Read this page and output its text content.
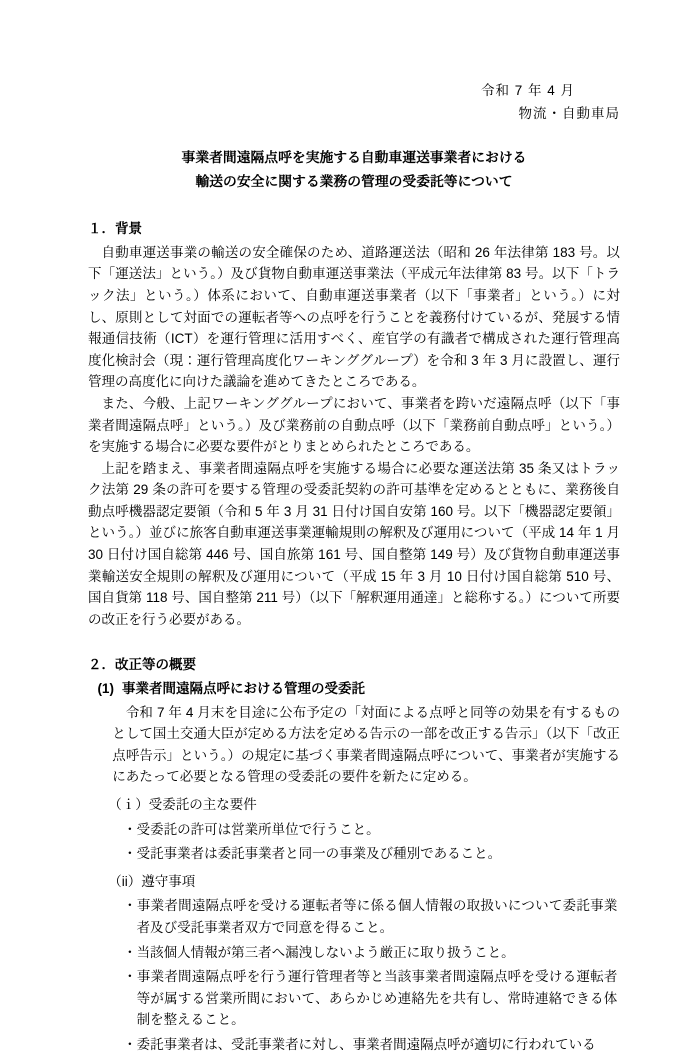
令和 7 年 4 月
物流・自動車局
事業者間遠隔点呼を実施する自動車運送事業者における
輸送の安全に関する業務の管理の受委託等について
１．背景

自動車運送事業の輸送の安全確保のため、道路運送法（昭和 26 年法律第 183 号。以下「運送法」という。）及び貨物自動車運送事業法（平成元年法律第 83 号。以下「トラック法」という。）体系において、自動車運送事業者（以下「事業者」という。）に対し、原則として対面での運転者等への点呼を行うことを義務付けているが、発展する情報通信技術（ICT）を運行管理に活用すべく、産官学の有識者で構成された運行管理高度化検討会（現：運行管理高度化ワーキンググループ）を令和 3 年 3 月に設置し、運行管理の高度化に向けた議論を進めてきたところである。

また、今般、上記ワーキンググループにおいて、事業者を跨いだ遠隔点呼（以下「事業者間遠隔点呼」という。）及び業務前の自動点呼（以下「業務前自動点呼」という。）を実施する場合に必要な要件がとりまとめられたところである。

上記を踏まえ、事業者間遠隔点呼を実施する場合に必要な運送法第 35 条又はトラック法第 29 条の許可を要する管理の受委託契約の許可基準を定めるとともに、業務後自動点呼機器認定要領（令和 5 年 3 月 31 日付け国自安第 160 号。以下「機器認定要領」という。）並びに旅客自動車運送事業運輸規則の解釈及び運用について（平成 14 年 1 月 30 日付け国自総第 446 号、国自旅第 161 号、国自整第 149 号）及び貨物自動車運送事業輸送安全規則の解釈及び運用について（平成 15 年 3 月 10 日付け国自総第 510 号、国自貨第 118 号、国自整第 211 号）（以下「解釈運用通達」と総称する。）について所要の改正を行う必要がある。

２．改正等の概要
(1) 事業者間遠隔点呼における管理の受委託

令和 7 年 4 月末を目途に公布予定の「対面による点呼と同等の効果を有するものとして国土交通大臣が定める方法を定める告示の一部を改正する告示」（以下「改正点呼告示」という。）の規定に基づく事業者間遠隔点呼について、事業者が実施するにあたって必要となる管理の受委託の要件を新たに定める。

（ｉ）受委託の主な要件
・ 受委託の許可は営業所単位で行うこと。
・ 受託事業者は委託事業者と同一の事業及び種別であること。
（ii）遵守事項
・ 事業者間遠隔点呼を受ける運転者等に係る個人情報の取扱いについて委託事業者及び受託事業者双方で同意を得ること。
・ 当該個人情報が第三者へ漏洩しないよう厳正に取り扱うこと。
・ 事業者間遠隔点呼を行う運行管理者等と当該事業者間遠隔点呼を受ける運転者等が属する営業所間において、あらかじめ連絡先を共有し、常時連絡できる体制を整えること。
・ 委託事業者は、受託事業者に対し、事業者間遠隔点呼が適切に行われている
